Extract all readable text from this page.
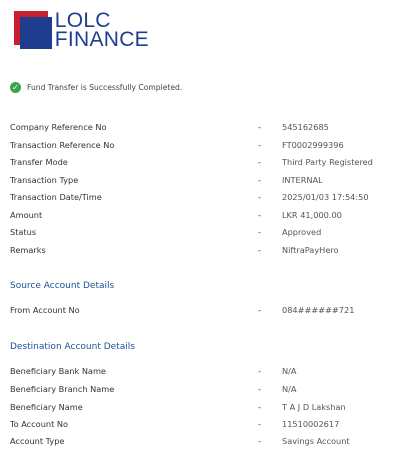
LOLC
FINANCE
✓ Fund Transfer is Successfully Completed.
Company Reference No	-	545162685
Transaction Reference No	-	FT0002999396
Transfer Mode	-	Third Party Registered
Transaction Type	-	INTERNAL
Transaction Date/Time	-	2025/01/03 17:54:50
Amount	-	LKR 41,000.00
Status	-	Approved
Remarks	-	NiftraPayHero
Source Account Details
From Account No	-	084######721
Destination Account Details
Beneficiary Bank Name	-	N/A
Beneficiary Branch Name	-	N/A
Beneficiary Name	-	T A J D Lakshan
To Account No	-	11510002617
Account Type	-	Savings Account
